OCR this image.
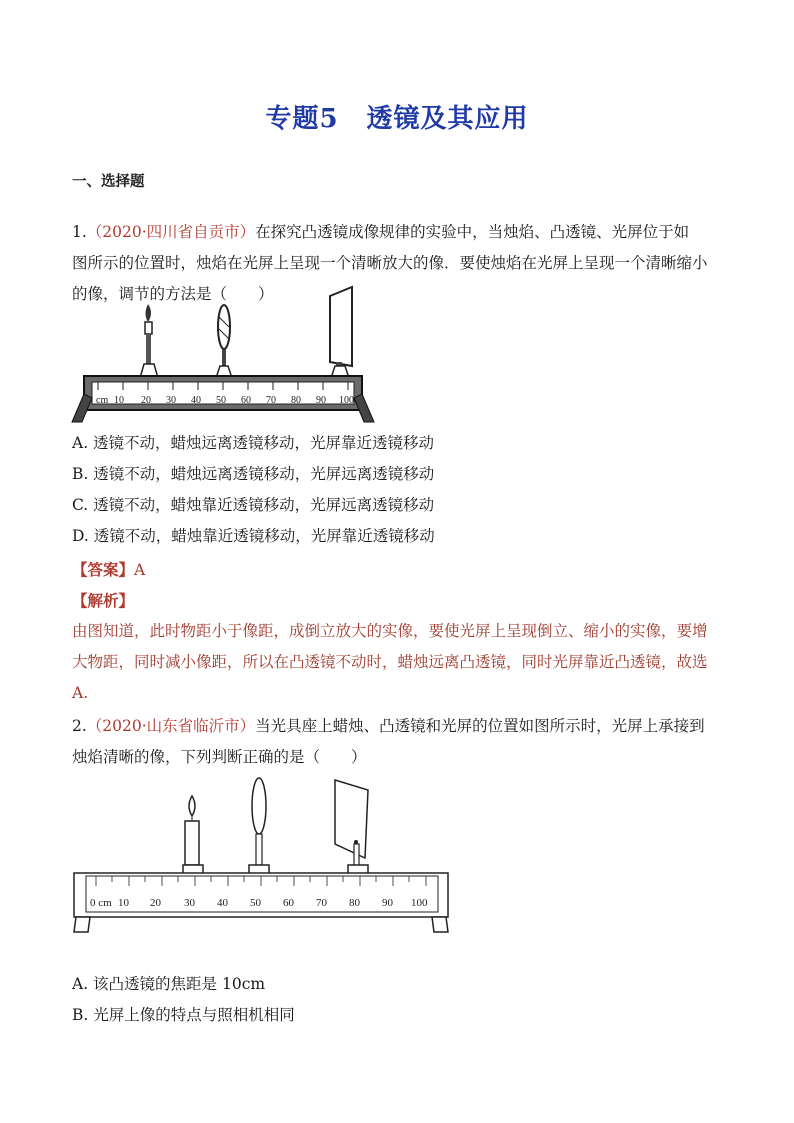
专题5 透镜及其应用
一、选择题
1.（2020·四川省自贡市）在探究凸透镜成像规律的实验中，当烛焰、凸透镜、光屏位于如
图所示的位置时，烛焰在光屏上呈现一个清晰放大的像．要使烛焰在光屏上呈现一个清晰缩小
的像，调节的方法是（　　）
cm 10 20 30 40 50 60 70 80 90 100
A. 透镜不动，蜡烛远离透镜移动，光屏靠近透镜移动
B. 透镜不动，蜡烛远离透镜移动，光屏远离透镜移动
C. 透镜不动，蜡烛靠近透镜移动，光屏远离透镜移动
D. 透镜不动，蜡烛靠近透镜移动，光屏靠近透镜移动
【答案】A
【解析】
由图知道，此时物距小于像距，成倒立放大的实像，要使光屏上呈现倒立、缩小的实像，要增
大物距，同时减小像距，所以在凸透镜不动时，蜡烛远离凸透镜，同时光屏靠近凸透镜，故选
A.
2.（2020·山东省临沂市）当光具座上蜡烛、凸透镜和光屏的位置如图所示时，光屏上承接到
烛焰清晰的像，下列判断正确的是（　　）
0 cm 10 20 30 40 50 60 70 80 90 100
A. 该凸透镜的焦距是 10cm
B. 光屏上像的特点与照相机相同
